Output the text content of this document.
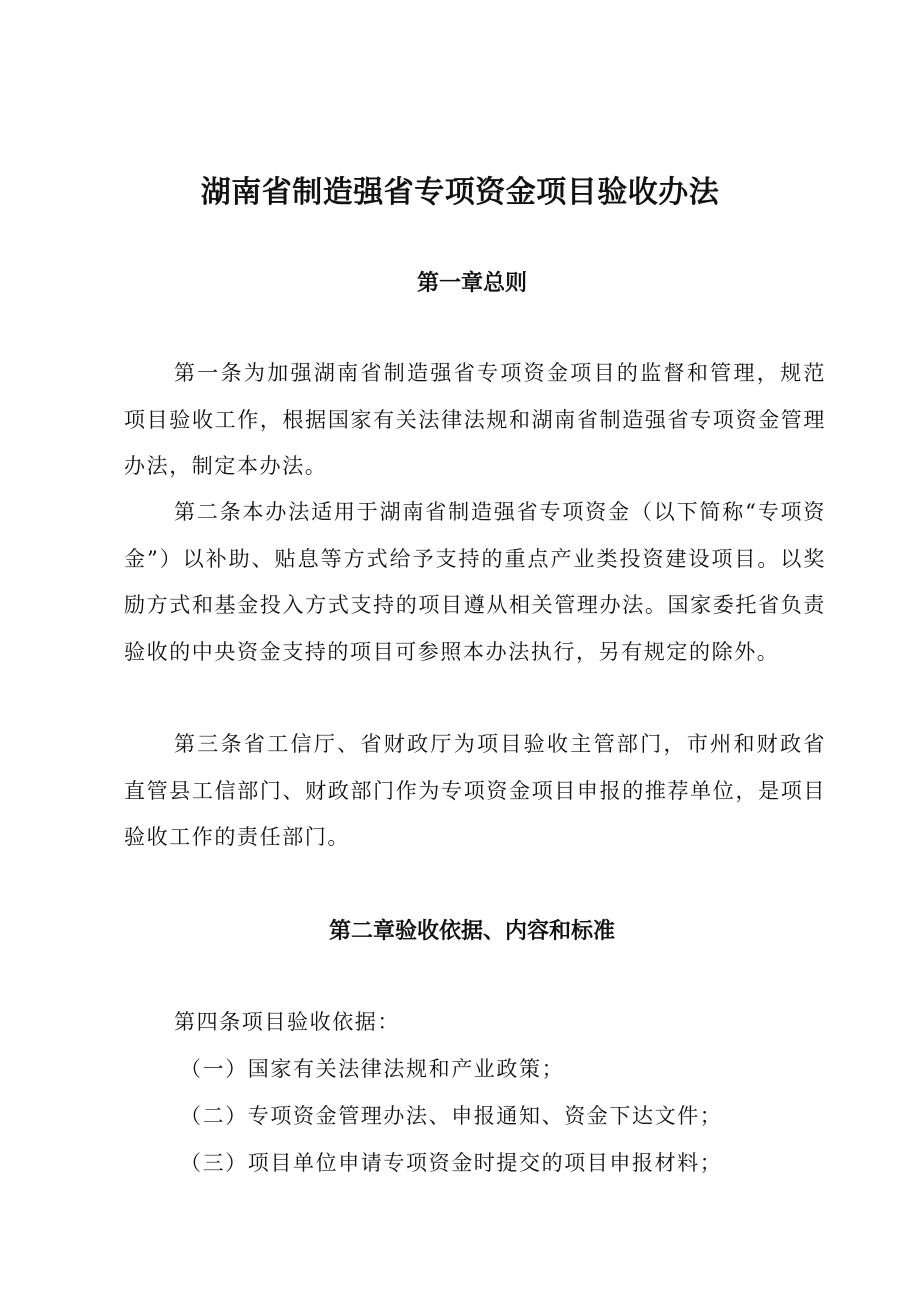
湖南省制造强省专项资金项目验收办法
第一章总则

第一条为加强湖南省制造强省专项资金项目的监督和管理，规范项目验收工作，根据国家有关法律法规和湖南省制造强省专项资金管理办法，制定本办法。

第二条本办法适用于湖南省制造强省专项资金（以下简称“专项资金”）以补助、贴息等方式给予支持的重点产业类投资建设项目。以奖励方式和基金投入方式支持的项目遵从相关管理办法。国家委托省负责验收的中央资金支持的项目可参照本办法执行，另有规定的除外。

第三条省工信厅、省财政厅为项目验收主管部门，市州和财政省直管县工信部门、财政部门作为专项资金项目申报的推荐单位，是项目验收工作的责任部门。

第二章验收依据、内容和标准

第四条项目验收依据：

（一）国家有关法律法规和产业政策；

（二）专项资金管理办法、申报通知、资金下达文件；

（三）项目单位申请专项资金时提交的项目申报材料；
